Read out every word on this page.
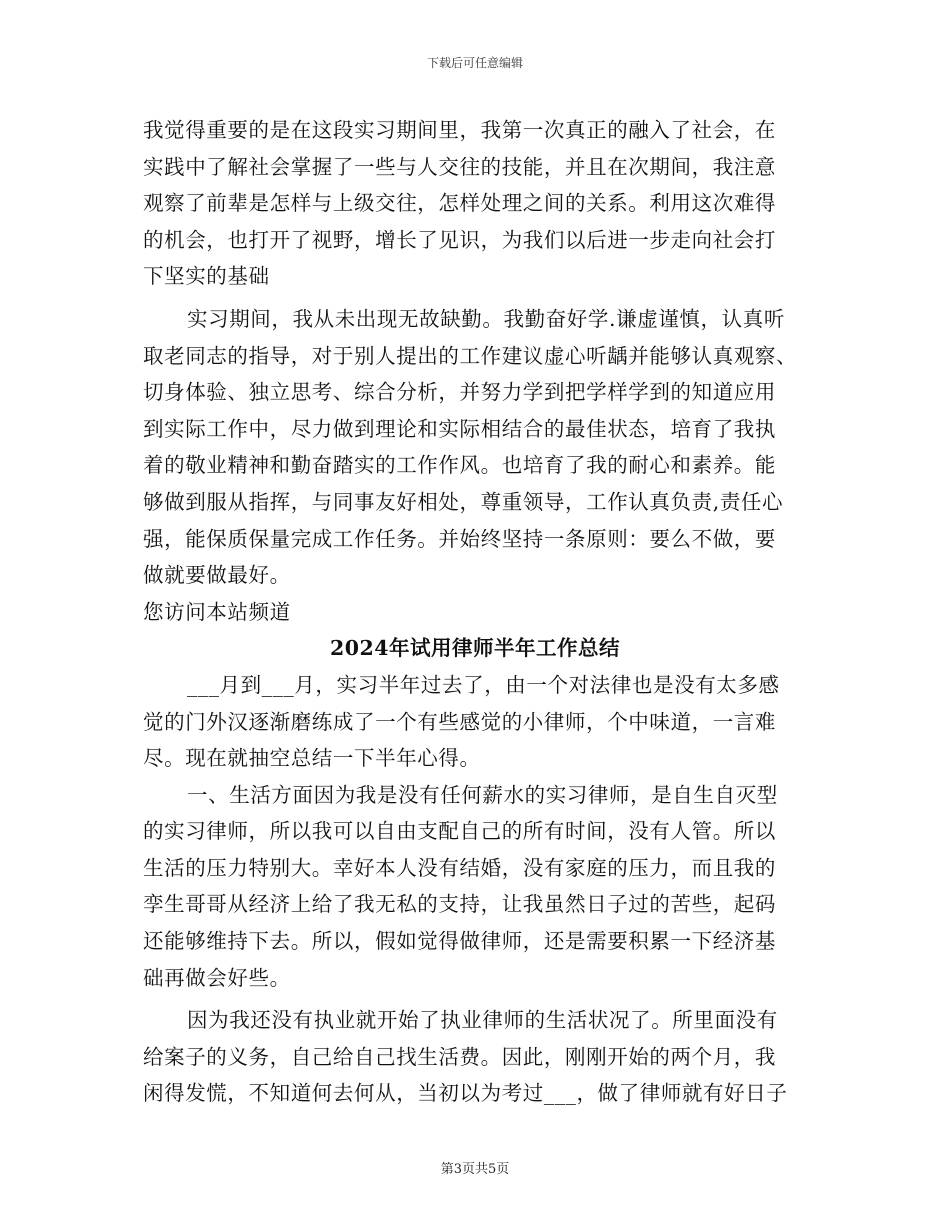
下载后可任意编辑
我觉得重要的是在这段实习期间里，我第一次真正的融入了社会，在
实践中了解社会掌握了一些与人交往的技能，并且在次期间，我注意
观察了前辈是怎样与上级交往，怎样处理之间的关系。利用这次难得
的机会，也打开了视野，增长了见识，为我们以后进一步走向社会打
下坚实的基础
实习期间，我从未出现无故缺勤。我勤奋好学.谦虚谨慎，认真听
取老同志的指导，对于别人提出的工作建议虚心听龋并能够认真观察、
切身体验、独立思考、综合分析，并努力学到把学样学到的知道应用
到实际工作中，尽力做到理论和实际相结合的最佳状态，培育了我执
着的敬业精神和勤奋踏实的工作作风。也培育了我的耐心和素养。能
够做到服从指挥，与同事友好相处，尊重领导，工作认真负责,责任心
强，能保质保量完成工作任务。并始终坚持一条原则：要么不做，要
做就要做最好。
您访问本站频道
2024年试用律师半年工作总结
___月到___月，实习半年过去了，由一个对法律也是没有太多感
觉的门外汉逐渐磨练成了一个有些感觉的小律师，个中味道，一言难
尽。现在就抽空总结一下半年心得。
一、生活方面因为我是没有任何薪水的实习律师，是自生自灭型
的实习律师，所以我可以自由支配自己的所有时间，没有人管。所以
生活的压力特别大。幸好本人没有结婚，没有家庭的压力，而且我的
孪生哥哥从经济上给了我无私的支持，让我虽然日子过的苦些，起码
还能够维持下去。所以，假如觉得做律师，还是需要积累一下经济基
础再做会好些。
因为我还没有执业就开始了执业律师的生活状况了。所里面没有
给案子的义务，自己给自己找生活费。因此，刚刚开始的两个月，我
闲得发慌，不知道何去何从，当初以为考过___，做了律师就有好日子
第3页共5页
